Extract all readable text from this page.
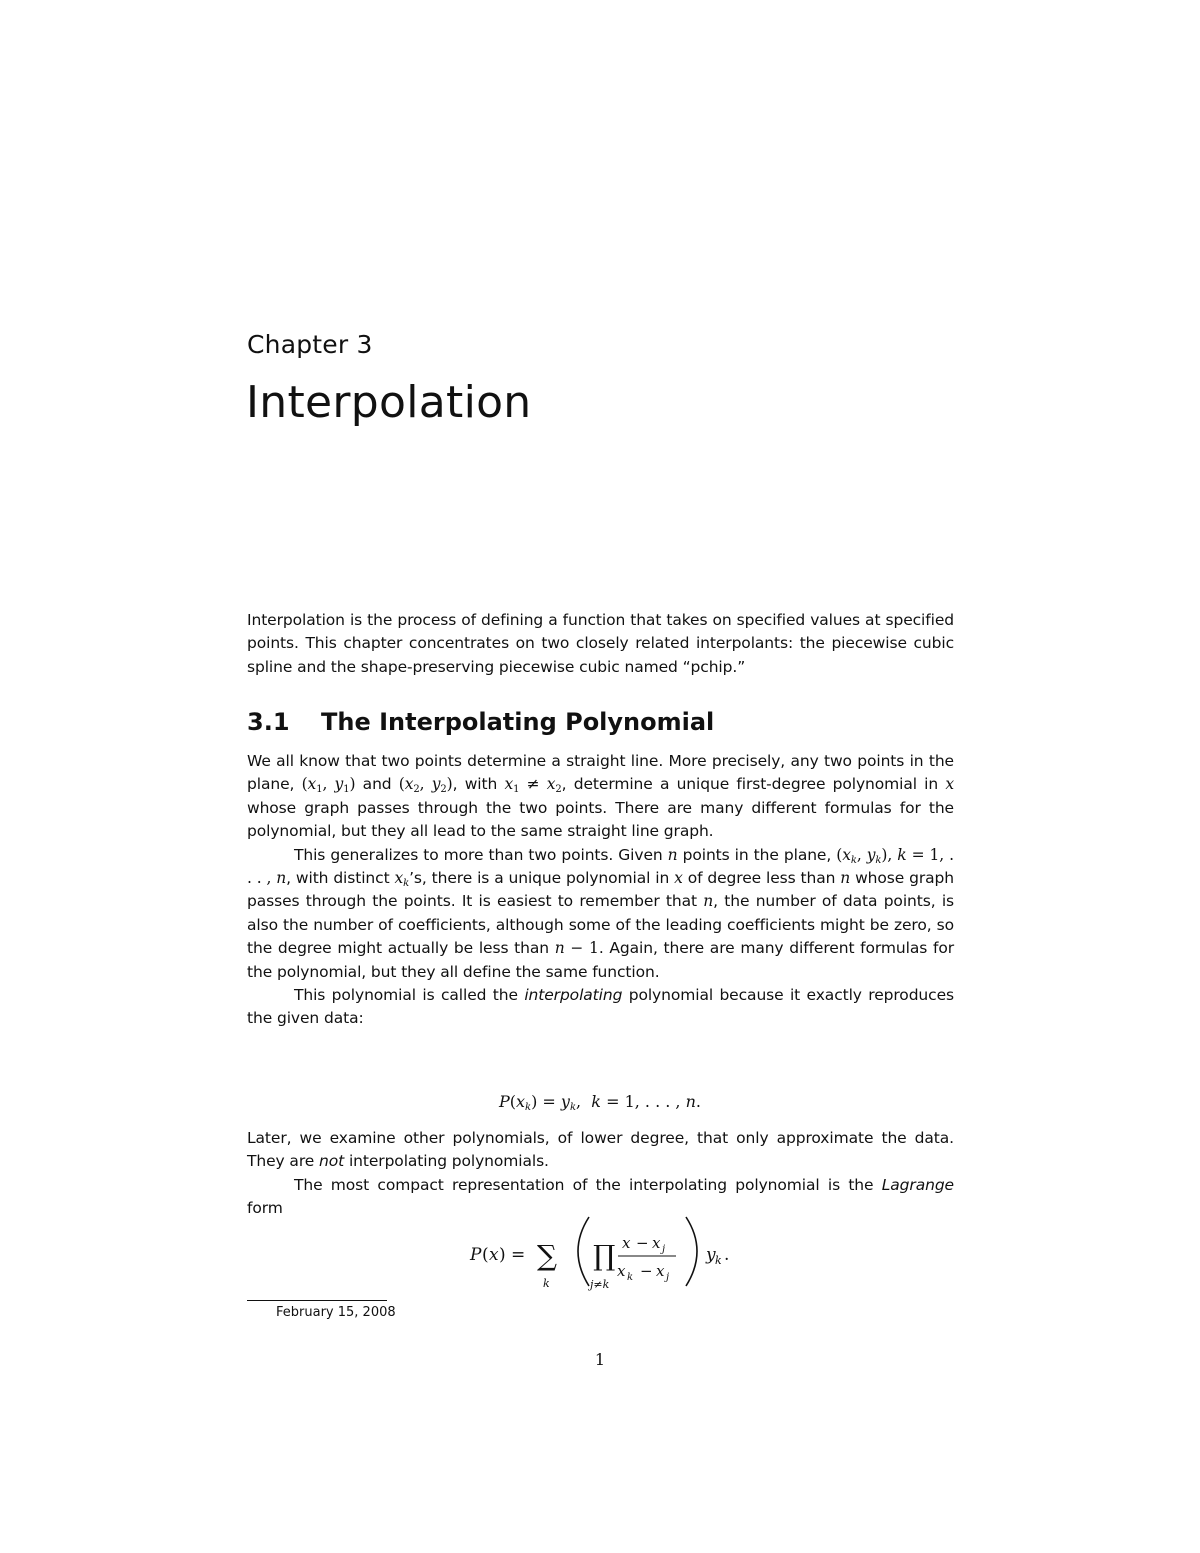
Chapter 3
Interpolation

Interpolation is the process of defining a function that takes on specified values at specified points. This chapter concentrates on two closely related interpolants: the piecewise cubic spline and the shape-preserving piecewise cubic named “pchip.”

3.1 The Interpolating Polynomial

We all know that two points determine a straight line. More precisely, any two points in the plane, ($x_1$, $y_1$) and ($x_2$, $y_2$), with $x_1 \ne x_2$, determine a unique first-degree polynomial in x whose graph passes through the two points. There are many different formulas for the polynomial, but they all lead to the same straight line graph.

This generalizes to more than two points. Given n points in the plane, ($x_k$, $y_k$), k = 1, . . . , n, with distinct $x_k’s$, there is a unique polynomial in x of degree less than n whose graph passes through the points. It is easiest to remember that n, the number of data points, is also the number of coefficients, although some of the leading coefficients might be zero, so the degree might actually be less than n − 1. Again, there are many different formulas for the polynomial, but they all define the same function.

This polynomial is called the interpolating polynomial because it exactly reproduces the given data:

$P(x_k) = y_k$,  k = 1, . . . , n.

Later, we examine other polynomials, of lower degree, that only approximate the data. They are not interpolating polynomials.

The most compact representation of the interpolating polynomial is the Lagrange form

P ( x ) = ∑
k
∏
j≠k
x − x j
x k − x j
y k .
February 15, 2008
1
